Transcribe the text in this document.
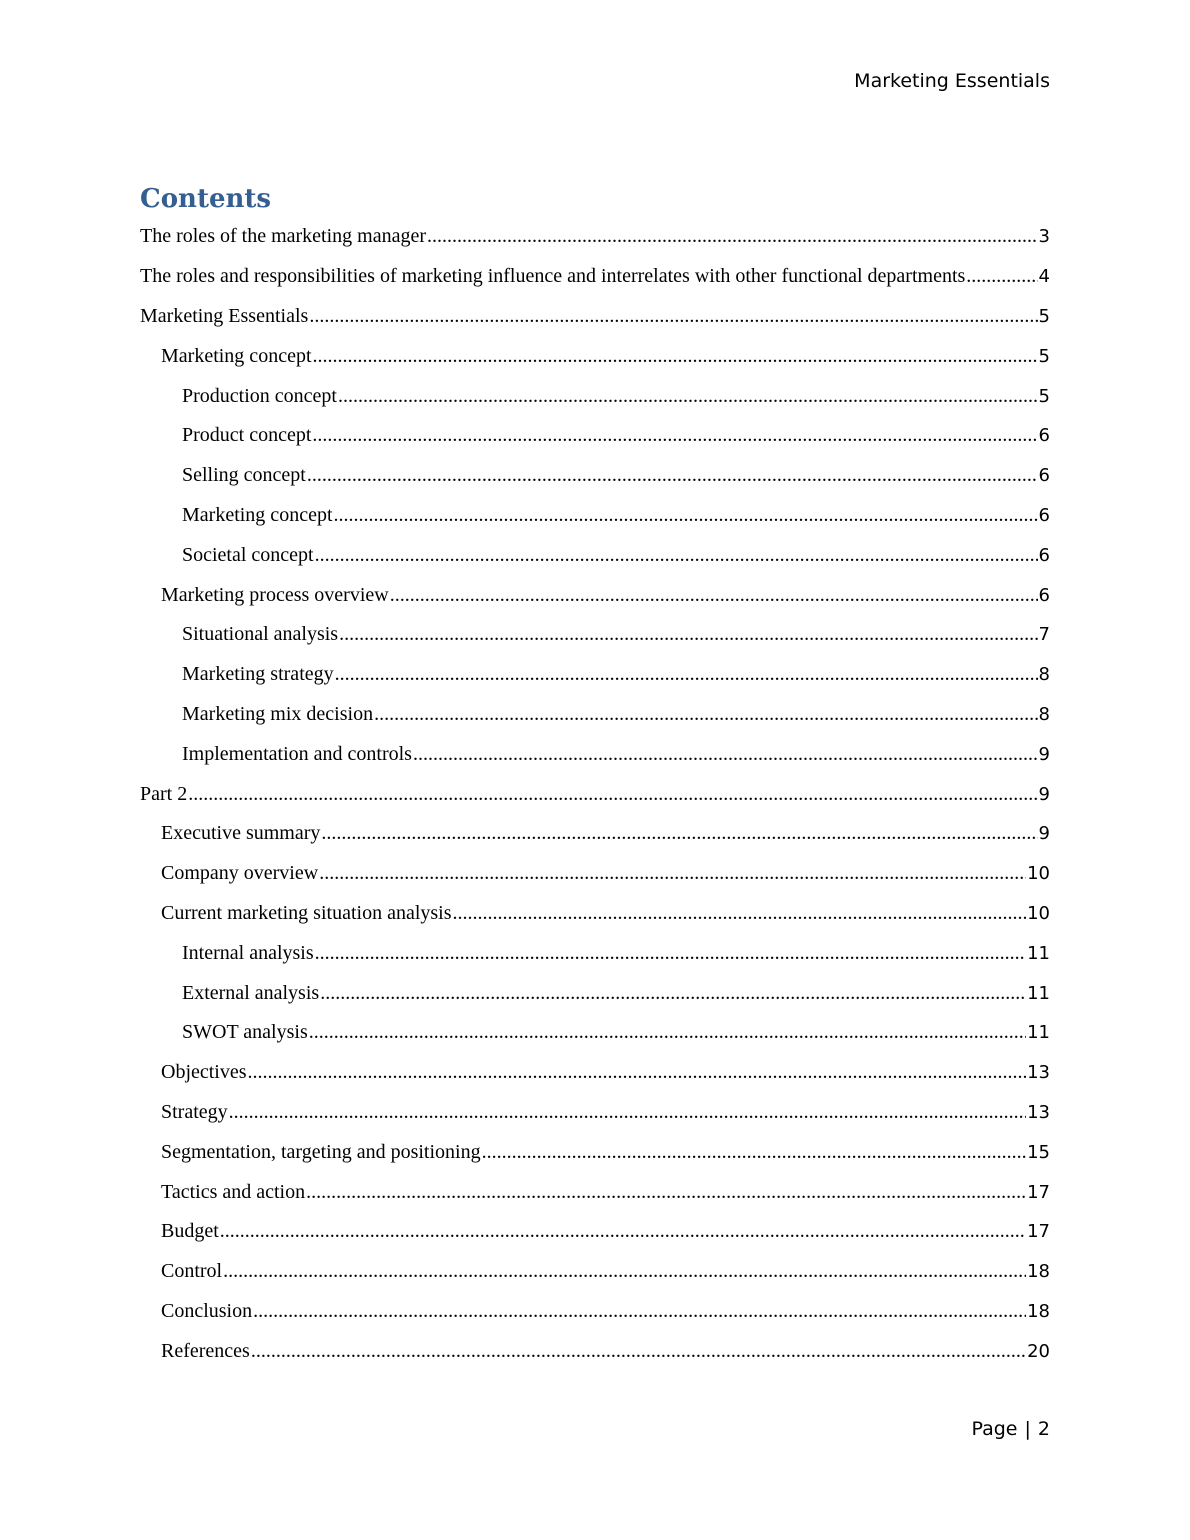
Marketing Essentials
Contents
The roles of the marketing manager .....	3
The roles and responsibilities of marketing influence and interrelates with other functional departments .....	4
Marketing Essentials .....	5
Marketing concept .....	5
Production concept .....	5
Product concept .....	6
Selling concept .....	6
Marketing concept .....	6
Societal concept .....	6
Marketing process overview .....	6
Situational analysis .....	7
Marketing strategy .....	8
Marketing mix decision .....	8
Implementation and controls .....	9
Part 2 .....	9
Executive summary .....	9
Company overview .....	10
Current marketing situation analysis .....	10
Internal analysis .....	11
External analysis .....	11
SWOT analysis .....	11
Objectives .....	13
Strategy .....	13
Segmentation, targeting and positioning .....	15
Tactics and action .....	17
Budget .....	17
Control .....	18
Conclusion .....	18
References .....	20
Page | 2
